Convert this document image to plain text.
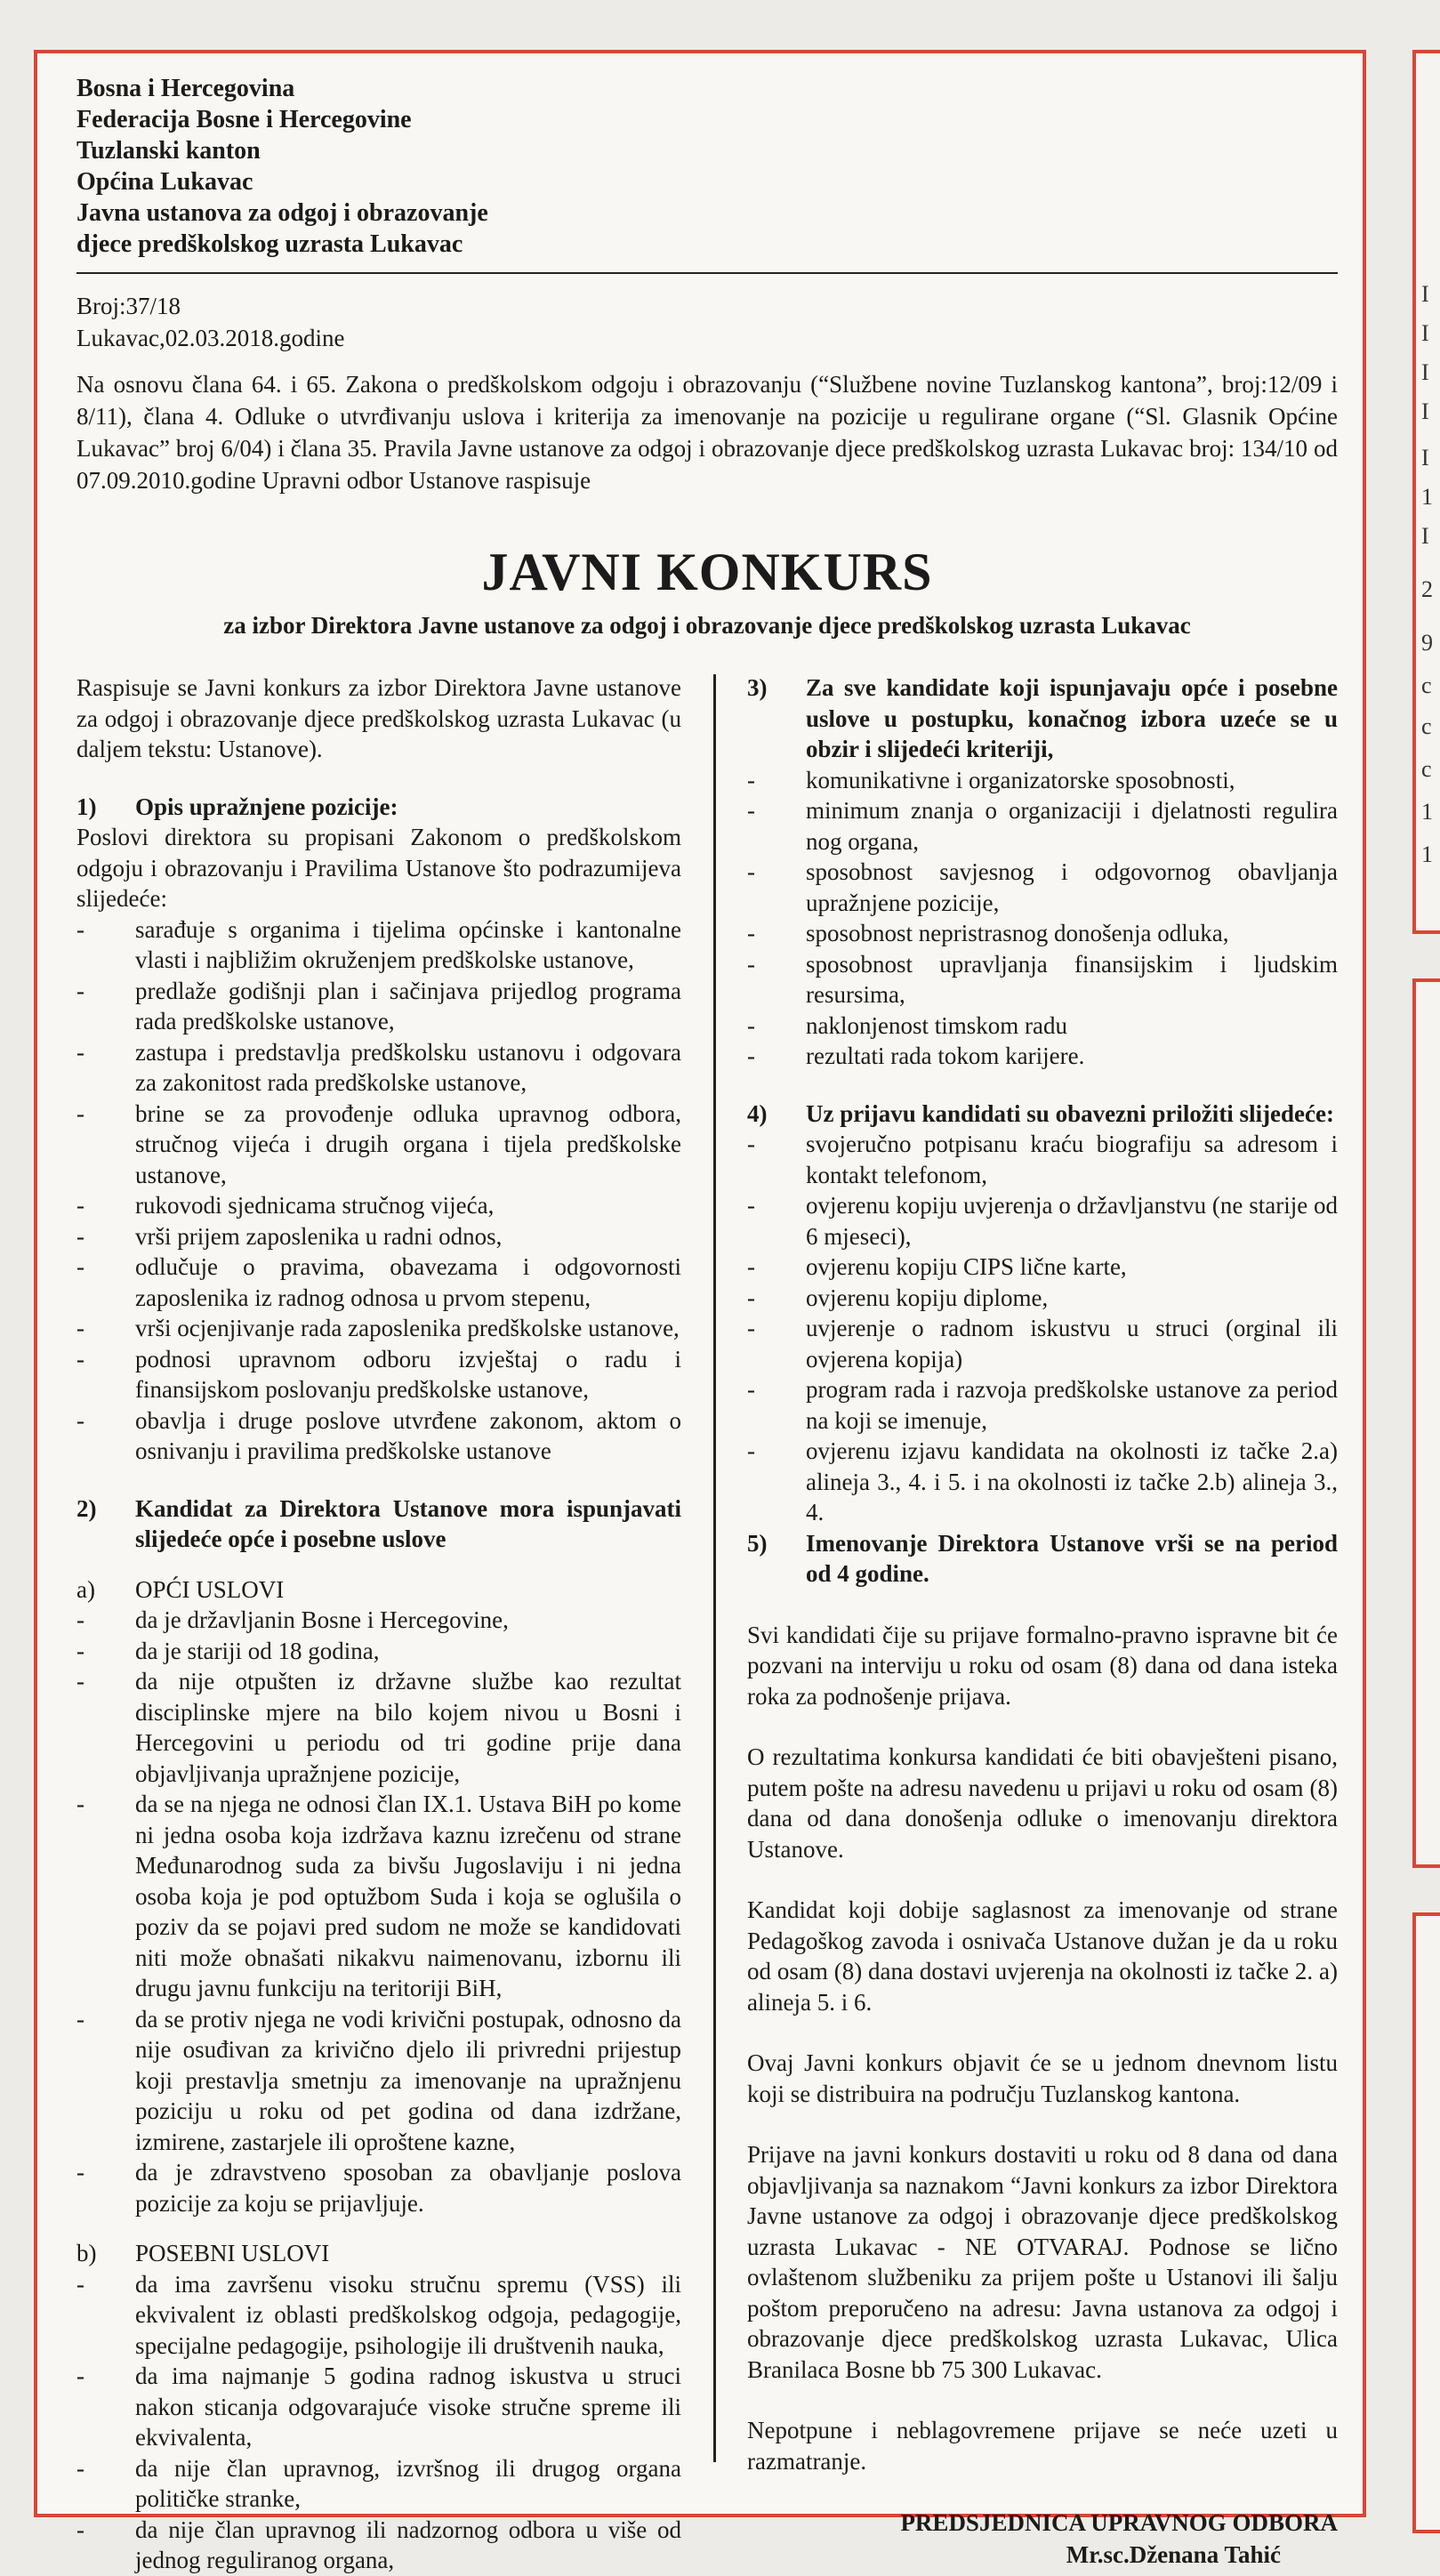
I
I
I
I
I
1
I
2
9
c
c
c
1
1
Bosna i Hercegovina
Federacija Bosne i Hercegovine
Tuzlanski kanton
Općina Lukavac
Javna ustanova za odgoj i obrazovanje
djece predškolskog uzrasta Lukavac
Broj:37/18
Lukavac,02.03.2018.godine
Na osnovu člana 64. i 65. Zakona o predškolskom odgoju i obrazovanju (“Službene novine Tuzlanskog kantona”, broj:12/09 i 8/11), člana 4. Odluke o utvrđivanju uslova i kriterija za imenovanje na pozicije u regulirane organe (“Sl. Glasnik Općine Lukavac” broj 6/04) i člana 35. Pravila Javne ustanove za odgoj i obrazovanje djece predškolskog uzrasta Lukavac broj: 134/10 od 07.09.2010.godine Upravni odbor Ustanove raspisuje
JAVNI KONKURS
za izbor Direktora Javne ustanove za odgoj i obrazovanje djece predškolskog uzrasta Lukavac
Raspisuje se Javni konkurs za izbor Direktora Javne ustanove za odgoj i obrazovanje djece predškolskog uzrasta Lukavac (u daljem tekstu: Ustanove).
1)	Opis upražnjene pozicije:
Poslovi direktora su propisani Zakonom o predškolskom odgoju i obrazovanju i Pravilima Ustanove što podrazumijeva slijedeće:
-	sarađuje s organima i tijelima općinske i kantonalne vlasti i najbližim okruženjem predškolske ustanove,
-	predlaže godišnji plan i sačinjava prijedlog programa rada predškolske ustanove,
-	zastupa i predstavlja predškolsku ustanovu i odgovara za zakonitost rada predškolske ustanove,
-	brine se za provođenje odluka upravnog odbora, stručnog vijeća i drugih organa i tijela predškolske ustanove,
-	rukovodi sjednicama stručnog vijeća,
-	vrši prijem zaposlenika u radni odnos,
-	odlučuje o pravima, obavezama i odgovornosti zaposlenika iz radnog odnosa u prvom stepenu,
-	vrši ocjenjivanje rada zaposlenika predškolske ustanove,
-	podnosi upravnom odboru izvještaj o radu i finansijskom poslovanju predškolske ustanove,
-	obavlja i druge poslove utvrđene zakonom, aktom o osnivanju i pravilima predškolske ustanove
2)	Kandidat za Direktora Ustanove mora ispunjavati slijedeće opće i posebne uslove
a)	OPĆI USLOVI
-	da je državljanin Bosne i Hercegovine,
-	da je stariji od 18 godina,
-	da nije otpušten iz državne službe kao rezultat disciplinske mjere na bilo kojem nivou u Bosni i Hercegovini u periodu od tri godine prije dana objavljivanja upražnjene pozicije,
-	da se na njega ne odnosi član IX.1. Ustava BiH po kome ni jedna osoba koja izdržava kaznu izrečenu od strane Međunarodnog suda za bivšu Jugoslaviju i ni jedna osoba koja je pod optužbom Suda i koja se oglušila o poziv da se pojavi pred sudom ne može se kandidovati niti može obnašati nikakvu naimenovanu, izbornu ili drugu javnu funkciju na teritoriji BiH,
-	da se protiv njega ne vodi krivični postupak, odnosno da nije osuđivan za krivično djelo ili privredni prijestup koji prestavlja smetnju za imenovanje na upražnjenu poziciju u roku od pet godina od dana izdržane, izmirene, zastarjele ili oproštene kazne,
-	da je zdravstveno sposoban za obavljanje poslova pozicije za koju se prijavljuje.
b)	POSEBNI USLOVI
-	da ima završenu visoku stručnu spremu (VSS) ili ekvivalent iz oblasti predškolskog odgoja, pedagogije, specijalne pedagogije, psihologije ili društvenih nauka,
-	da ima najmanje 5 godina radnog iskustva u struci nakon sticanja odgovarajuće visoke stručne spreme ili ekvivalenta,
-	da nije član upravnog, izvršnog ili drugog organa političke stranke,
-	da nije član upravnog ili nadzornog odbora u više od jednog reguliranog organa,
3)	Za sve kandidate koji ispunjavaju opće i posebne uslove u postupku, konačnog izbora uzeće se u obzir i slijedeći kriteriji,
-	komunikativne i organizatorske sposobnosti,
-	minimum znanja o organizaciji i djelatnosti regulira nog organa,
-	sposobnost savjesnog i odgovornog obavljanja upražnjene pozicije,
-	sposobnost nepristrasnog donošenja odluka,
-	sposobnost upravljanja finansijskim i ljudskim resursima,
-	naklonjenost timskom radu
-	rezultati rada tokom karijere.
4)	Uz prijavu kandidati su obavezni priložiti slijedeće:
-	svojeručno potpisanu kraću biografiju sa adresom i kontakt telefonom,
-	ovjerenu kopiju uvjerenja o državljanstvu (ne starije od 6 mjeseci),
-	ovjerenu kopiju CIPS lične karte,
-	ovjerenu kopiju diplome,
-	uvjerenje o radnom iskustvu u struci (orginal ili ovjerena kopija)
-	program rada i razvoja predškolske ustanove za period na koji se imenuje,
-	ovjerenu izjavu kandidata na okolnosti iz tačke 2.a) alineja 3., 4. i 5. i na okolnosti iz tačke 2.b) alineja 3., 4.
5)	Imenovanje Direktora Ustanove vrši se na period od 4 godine.
Svi kandidati čije su prijave formalno-pravno ispravne bit će pozvani na interviju u roku od osam (8) dana od dana isteka roka za podnošenje prijava.
O rezultatima konkursa kandidati će biti obavješteni pisano, putem pošte na adresu navedenu u prijavi u roku od osam (8) dana od dana donošenja odluke o imenovanju direktora Ustanove.
Kandidat koji dobije saglasnost za imenovanje od strane Pedagoškog zavoda i osnivača Ustanove dužan je da u roku od osam (8) dana dostavi uvjerenja na okolnosti iz tačke 2. a) alineja 5. i 6.
Ovaj Javni konkurs objavit će se u jednom dnevnom listu koji se distribuira na području Tuzlanskog kantona.
Prijave na javni konkurs dostaviti u roku od 8 dana od dana objavljivanja sa naznakom “Javni konkurs za izbor Direktora Javne ustanove za odgoj i obrazovanje djece predškolskog uzrasta Lukavac - NE OTVARAJ. Podnose se lično ovlaštenom službeniku za prijem pošte u Ustanovi ili šalju poštom preporučeno na adresu: Javna ustanova za odgoj i obrazovanje djece predškolskog uzrasta Lukavac, Ulica Branilaca Bosne bb 75 300 Lukavac.
Nepotpune i neblagovremene prijave se neće uzeti u razmatranje.
PREDSJEDNICA UPRAVNOG ODBORA
Mr.sc.Dženana Tahić
